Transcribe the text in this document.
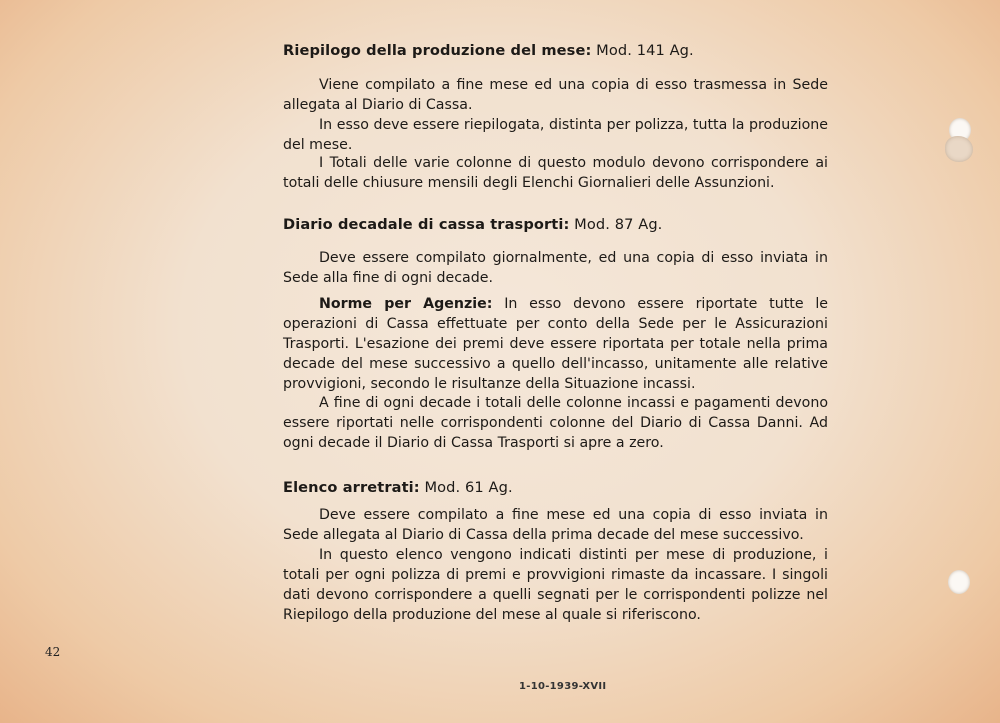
Riepilogo della produzione del mese: Mod. 141 Ag.
Viene compilato a fine mese ed una copia di esso trasmessa in Sede allegata al Diario di Cassa.
In esso deve essere riepilogata, distinta per polizza, tutta la produzione del mese.
I Totali delle varie colonne di questo modulo devono corrispondere ai totali delle chiusure mensili degli Elenchi Giornalieri delle Assunzioni.
Diario decadale di cassa trasporti: Mod. 87 Ag.
Deve essere compilato giornalmente, ed una copia di esso inviata in Sede alla fine di ogni decade.
Norme per Agenzie: In esso devono essere riportate tutte le operazioni di Cassa effettuate per conto della Sede per le Assicurazioni Trasporti. L'esazione dei premi deve essere riportata per totale nella prima decade del mese successivo a quello dell'incasso, unitamente alle relative provvigioni, secondo le risultanze della Situazione incassi.
A fine di ogni decade i totali delle colonne incassi e pagamenti devono essere riportati nelle corrispondenti colonne del Diario di Cassa Danni. Ad ogni decade il Diario di Cassa Trasporti si apre a zero.
Elenco arretrati: Mod. 61 Ag.
Deve essere compilato a fine mese ed una copia di esso inviata in Sede allegata al Diario di Cassa della prima decade del mese successivo.
In questo elenco vengono indicati distinti per mese di produzione, i totali per ogni polizza di premi e provvigioni rimaste da incassare. I singoli dati devono corrispondere a quelli segnati per le corrispondenti polizze nel Riepilogo della produzione del mese al quale si riferiscono.
42
1-10-1939-XVII
